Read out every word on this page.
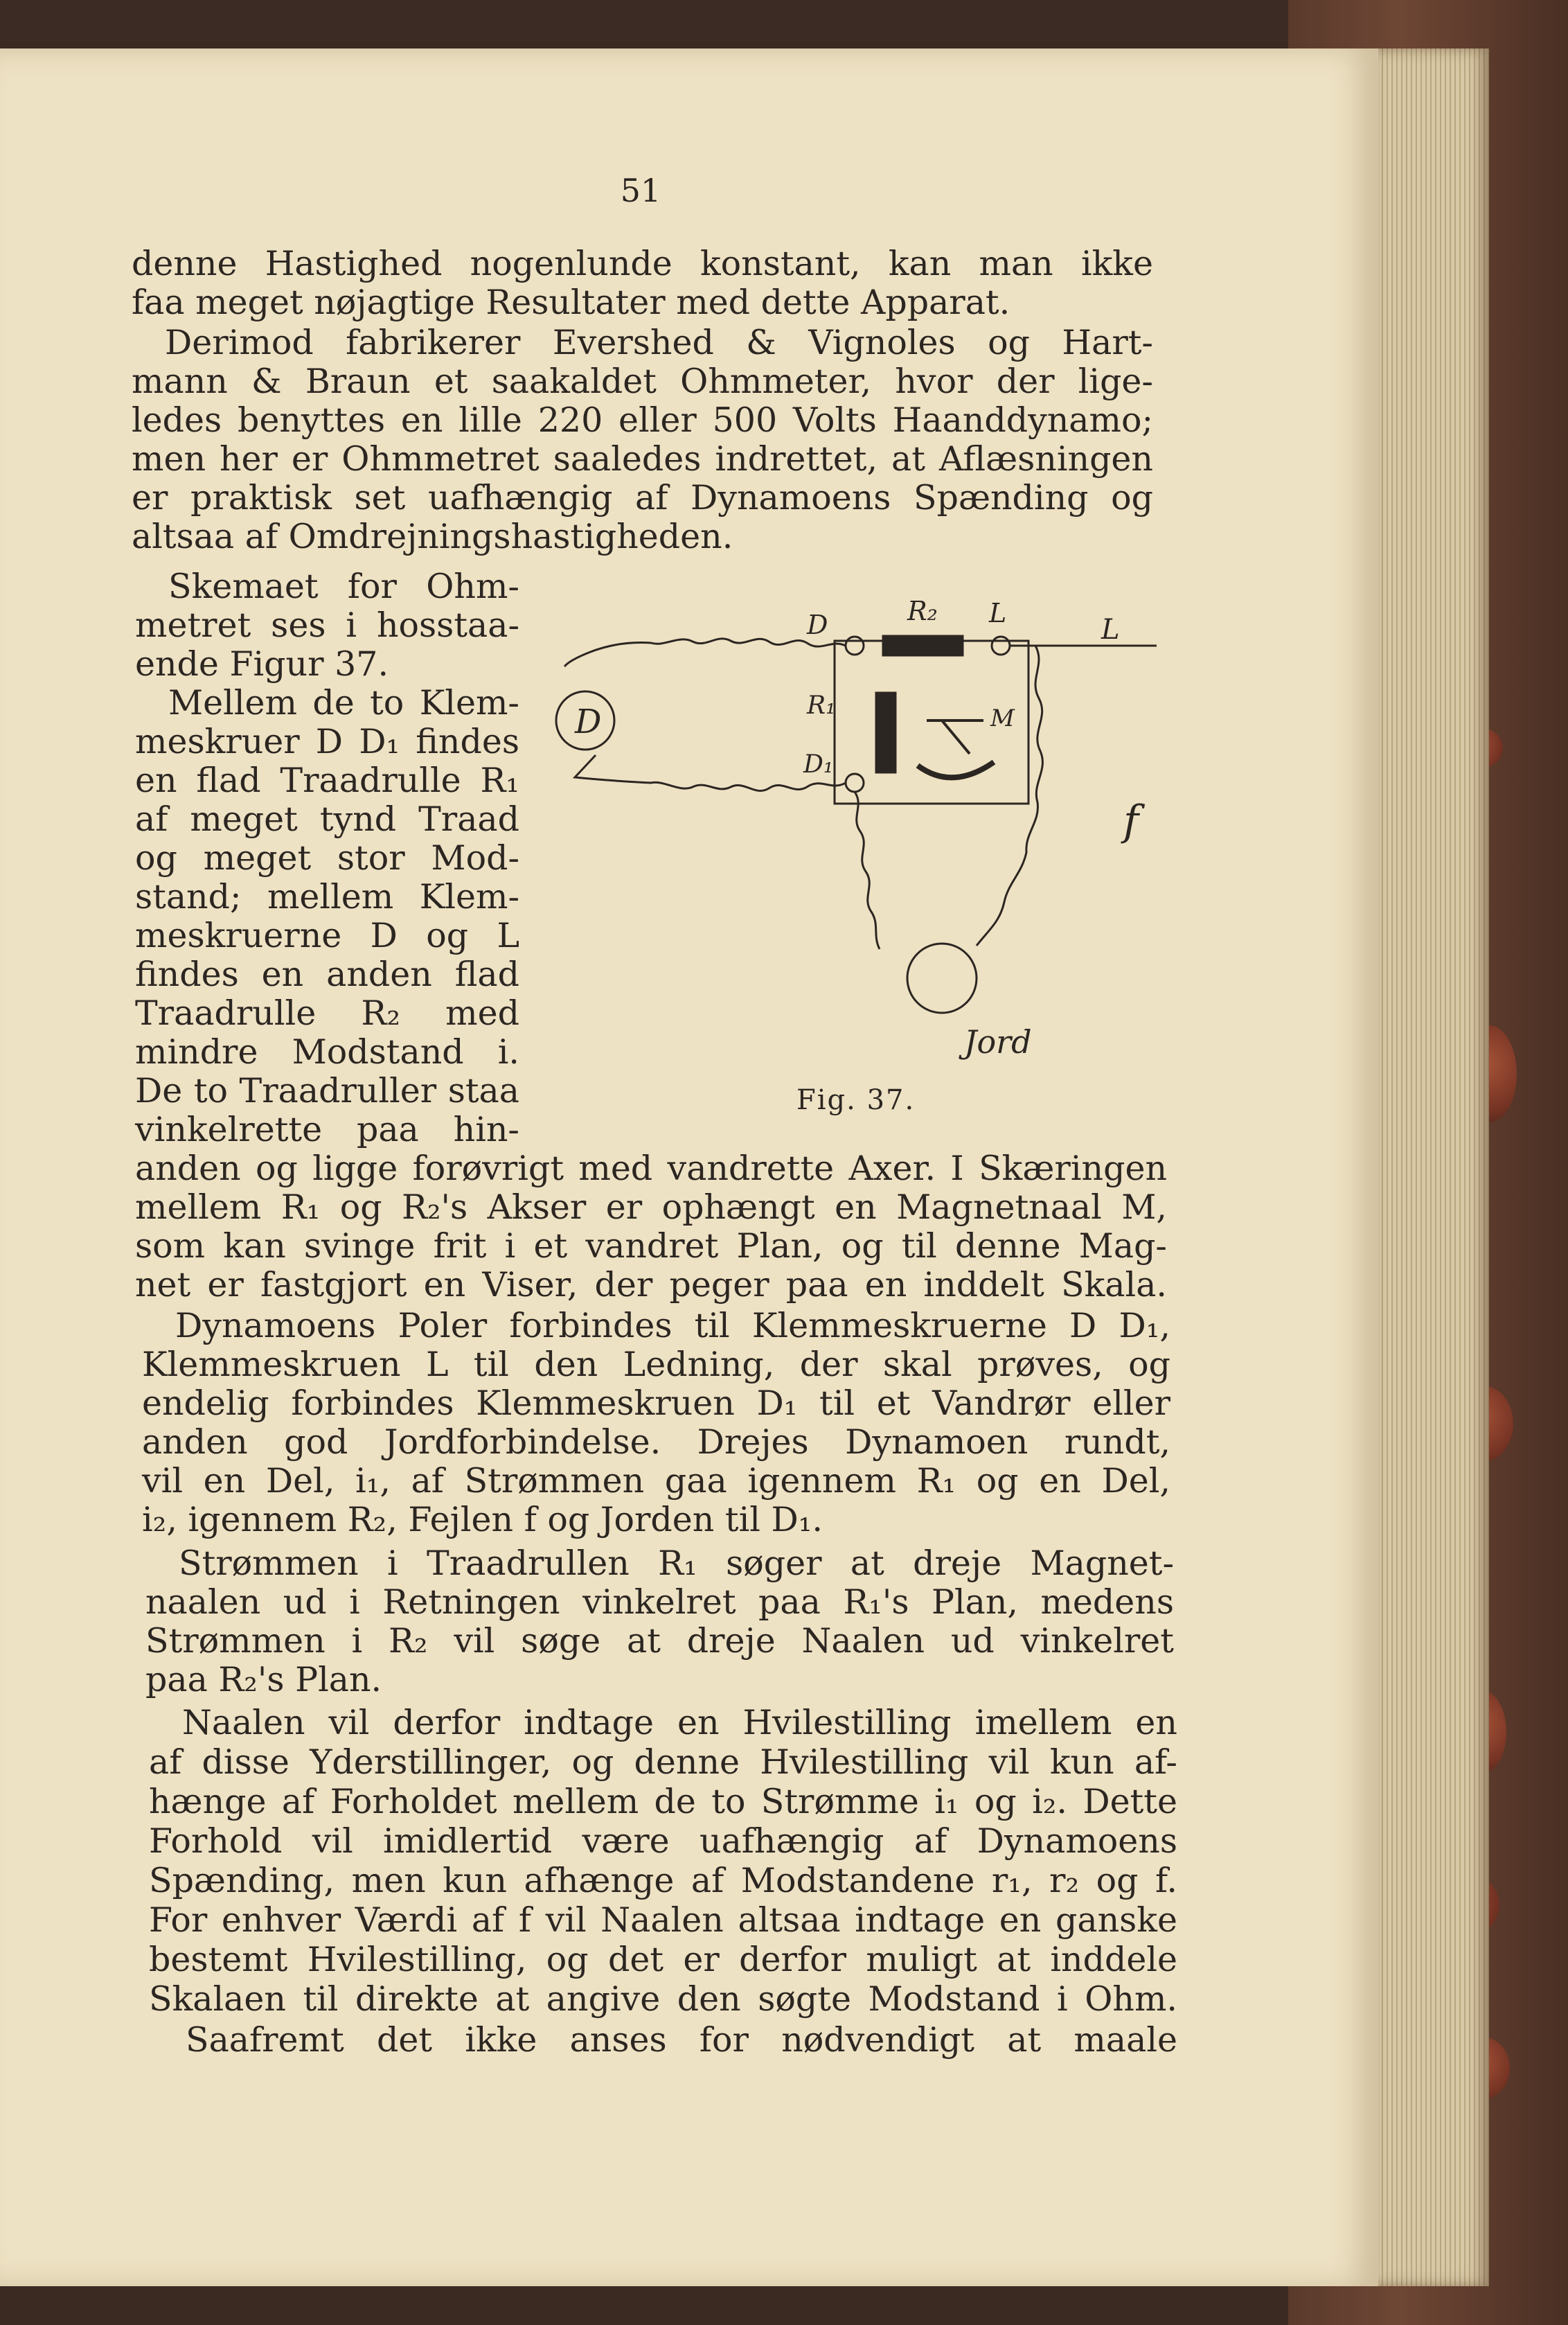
51
denne Hastighed nogenlunde konstant, kan man ikke
faa meget nøjagtige Resultater med dette Apparat.
Derimod fabrikerer Evershed & Vignoles og Hart-
mann & Braun et saakaldet Ohmmeter, hvor der lige-
ledes benyttes en lille 220 eller 500 Volts Haanddynamo;
men her er Ohmmetret saaledes indrettet, at Aflæsningen
er praktisk set uafhængig af Dynamoens Spænding og
altsaa af Omdrejningshastigheden.
Skemaet for Ohm-
metret ses i hosstaa-
ende Figur 37.
Mellem de to Klem-
meskruer D D₁ findes
en flad Traadrulle R₁
af meget tynd Traad
og meget stor Mod-
stand; mellem Klem-
meskruerne D og L
findes en anden flad
Traadrulle R₂ med
mindre Modstand i.
De to Traadruller staa
vinkelrette paa hin-
D
D	R₂ L
L
R₁	M
D₁
f
Jord
Fig. 37.
anden og ligge forøvrigt med vandrette Axer. I Skæringen
mellem R₁ og R₂'s Akser er ophængt en Magnetnaal M,
som kan svinge frit i et vandret Plan, og til denne Mag-
net er fastgjort en Viser, der peger paa en inddelt Skala.
Dynamoens Poler forbindes til Klemmeskruerne D D₁,
Klemmeskruen L til den Ledning, der skal prøves, og
endelig forbindes Klemmeskruen D₁ til et Vandrør eller
anden god Jordforbindelse. Drejes Dynamoen rundt,
vil en Del, i₁, af Strømmen gaa igennem R₁ og en Del,
i₂, igennem R₂, Fejlen f og Jorden til D₁.
Strømmen i Traadrullen R₁ søger at dreje Magnet-
naalen ud i Retningen vinkelret paa R₁'s Plan, medens
Strømmen i R₂ vil søge at dreje Naalen ud vinkelret
paa R₂'s Plan.
Naalen vil derfor indtage en Hvilestilling imellem en
af disse Yderstillinger, og denne Hvilestilling vil kun af-
hænge af Forholdet mellem de to Strømme i₁ og i₂. Dette
Forhold vil imidlertid være uafhængig af Dynamoens
Spænding, men kun afhænge af Modstandene r₁, r₂ og f.
For enhver Værdi af f vil Naalen altsaa indtage en ganske
bestemt Hvilestilling, og det er derfor muligt at inddele
Skalaen til direkte at angive den søgte Modstand i Ohm.
Saafremt det ikke anses for nødvendigt at maale
